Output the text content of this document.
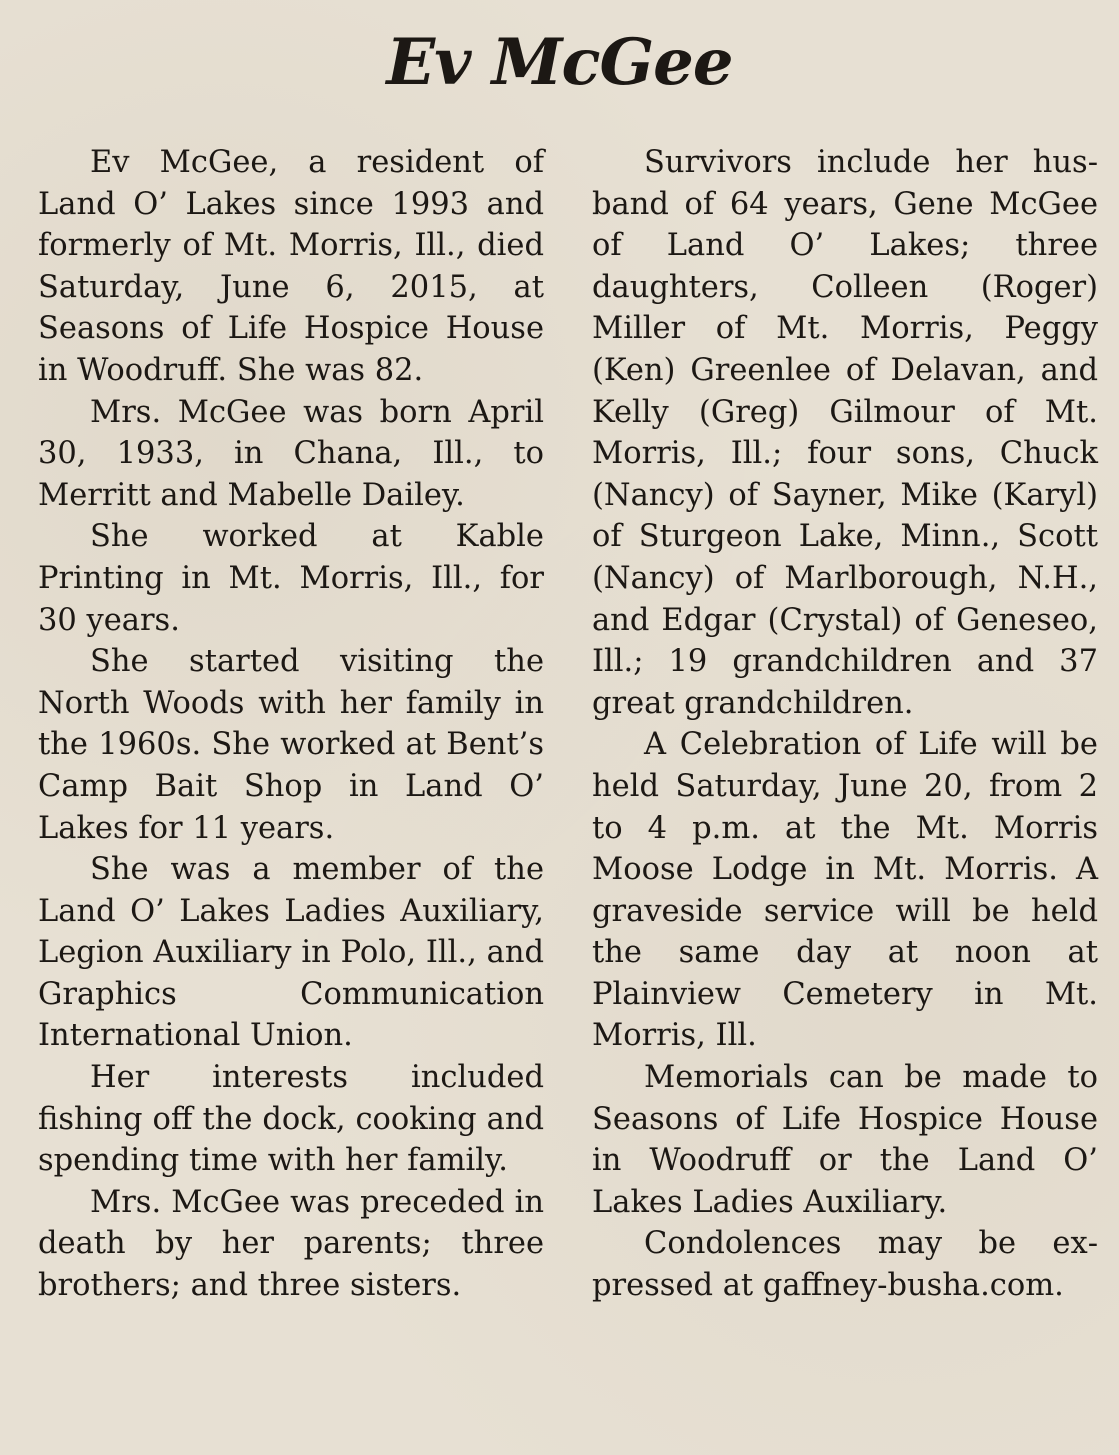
Ev McGee

Ev McGee, a resident of Land O’ Lakes since 1993 and formerly of Mt. Morris, Ill., died Saturday, June 6, 2015, at Seasons of Life Hospice House in Woodruff. She was 82.

Mrs. McGee was born April 30, 1933, in Chana, Ill., to Merritt and Mabelle Dailey.

She worked at Kable Printing in Mt. Morris, Ill., for 30 years.

She started visiting the North Woods with her family in the 1960s. She worked at Bent’s Camp Bait Shop in Land O’ Lakes for 11 years.

She was a member of the Land O’ Lakes Ladies Auxiliary, Legion Auxiliary in Polo, Ill., and Graphics Communication International Union.

Her interests included fishing off the dock, cooking and spending time with her family.

Mrs. McGee was preceded in death by her parents; three brothers; and three sisters.

Survivors include her husband of 64 years, Gene McGee of Land O’ Lakes; three daughters, Colleen (Roger) Miller of Mt. Morris, Peggy (Ken) Greenlee of Delavan, and Kelly (Greg) Gilmour of Mt. Morris, Ill.; four sons, Chuck (Nancy) of Sayner, Mike (Karyl) of Sturgeon Lake, Minn., Scott (Nancy) of Marlborough, N.H., and Edgar (Crystal) of Geneseo, Ill.; 19 grandchildren and 37 great grandchildren.

A Celebration of Life will be held Saturday, June 20, from 2 to 4 p.m. at the Mt. Morris Moose Lodge in Mt. Morris. A graveside service will be held the same day at noon at Plainview Cemetery in Mt. Morris, Ill.

Memorials can be made to Seasons of Life Hospice House in Woodruff or the Land O’ Lakes Ladies Auxiliary.

Condolences may be expressed at gaffney-busha.​com.
